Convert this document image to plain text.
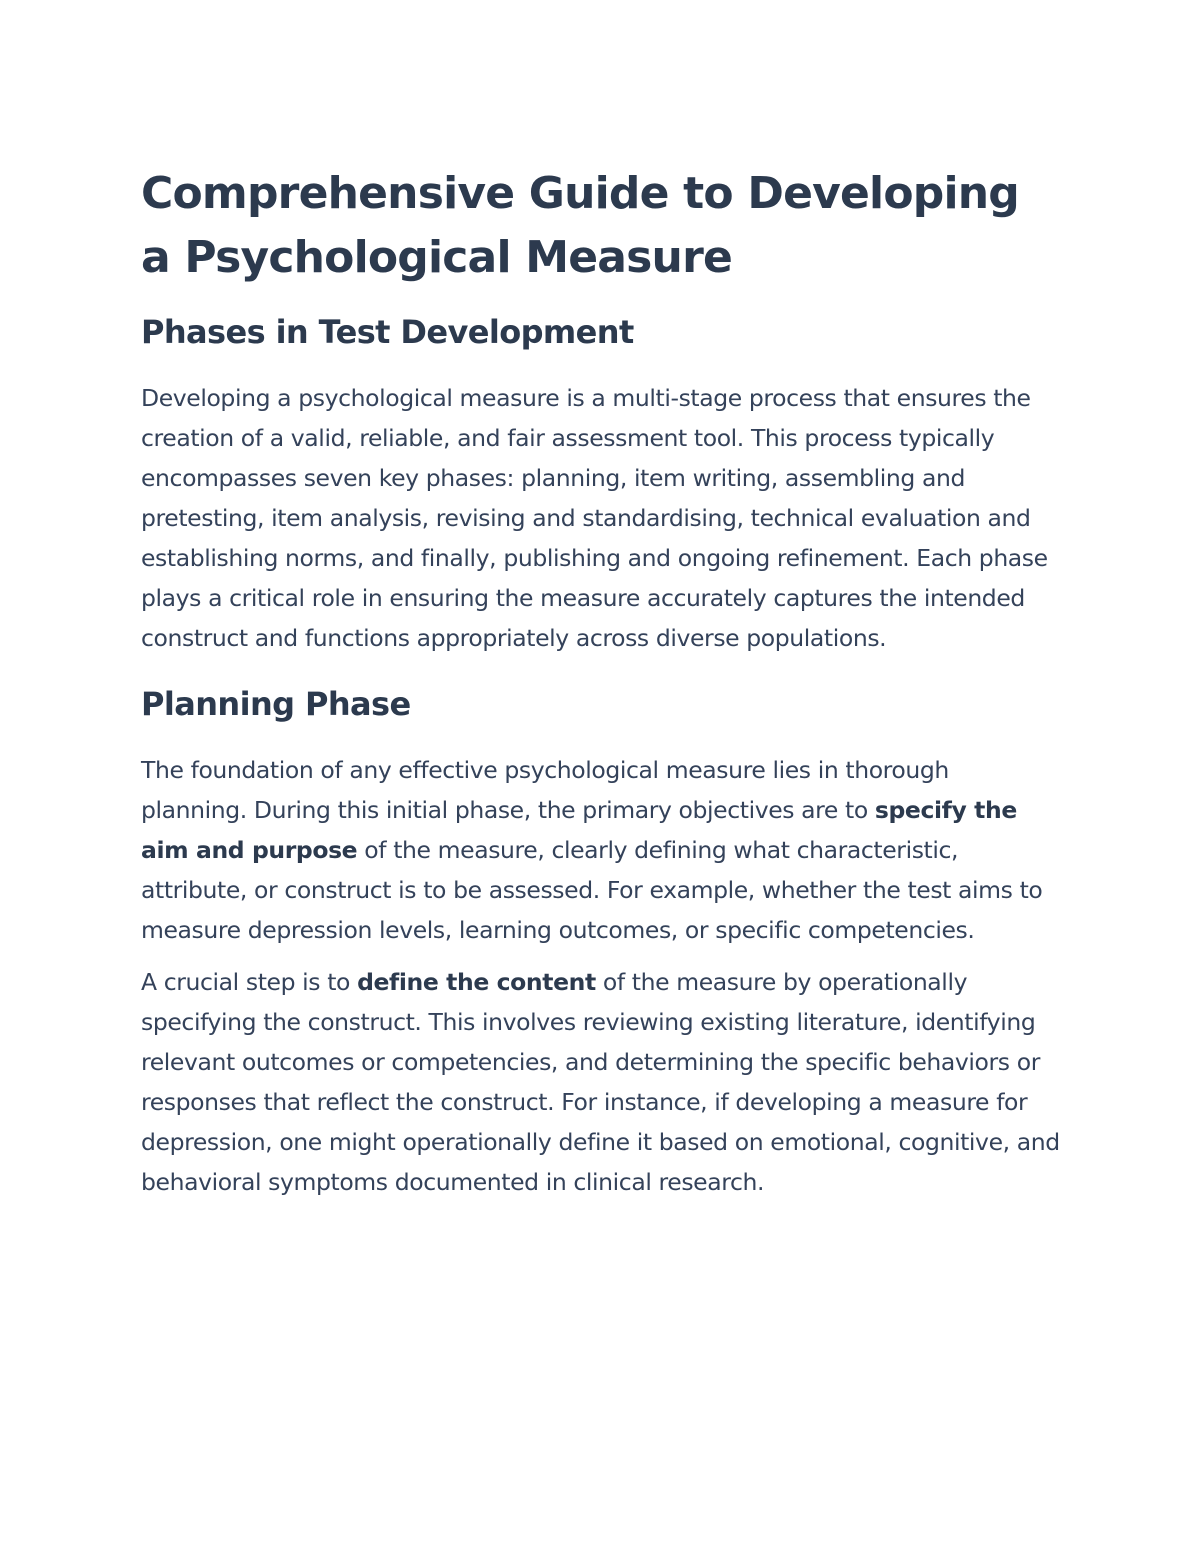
Comprehensive Guide to Developing a Psychological Measure
Phases in Test Development

Developing a psychological measure is a multi-stage process that ensures the creation of a valid, reliable, and fair assessment tool. This process typically encompasses seven key phases: planning, item writing, assembling and pretesting, item analysis, revising and standardising, technical evaluation and establishing norms, and finally, publishing and ongoing refinement. Each phase plays a critical role in ensuring the measure accurately captures the intended construct and functions appropriately across diverse populations.

Planning Phase

The foundation of any effective psychological measure lies in thorough planning. During this initial phase, the primary objectives are to specify the aim and purpose of the measure, clearly defining what characteristic, attribute, or construct is to be assessed. For example, whether the test aims to measure depression levels, learning outcomes, or specific competencies.

A crucial step is to define the content of the measure by operationally specifying the construct. This involves reviewing existing literature, identifying relevant outcomes or competencies, and determining the specific behaviors or responses that reflect the construct. For instance, if developing a measure for depression, one might operationally define it based on emotional, cognitive, and behavioral symptoms documented in clinical research.
